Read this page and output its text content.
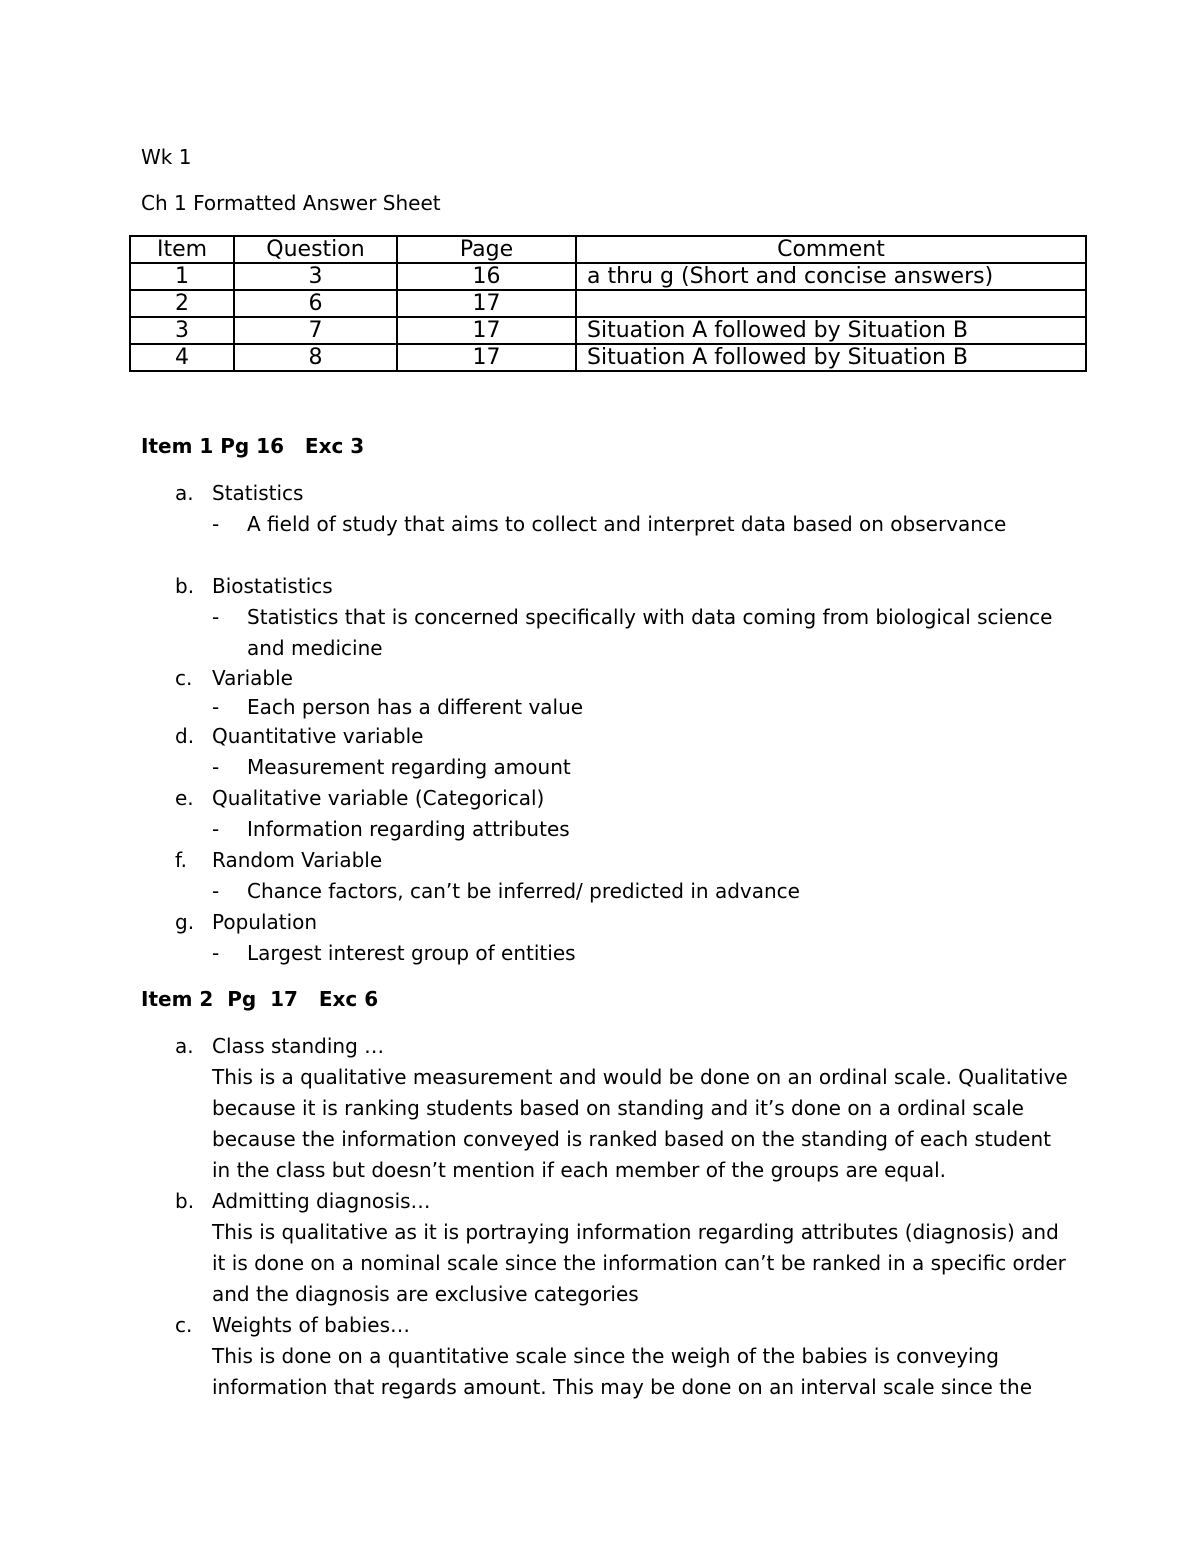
Wk 1
Ch 1 Formatted Answer Sheet
Item	Question	Page	Comment
1	3	16	a thru g (Short and concise answers)
2	6	17	
3	7	17	Situation A followed by Situation B
4	8	17	Situation A followed by Situation B
Item 1 Pg 16   Exc 3
a. Statistics
- A field of study that aims to collect and interpret data based on observance
b. Biostatistics
- Statistics that is concerned specifically with data coming from biological science and medicine
c. Variable
- Each person has a different value
d. Quantitative variable
- Measurement regarding amount
e. Qualitative variable (Categorical)
- Information regarding attributes
f. Random Variable
- Chance factors, can’t be inferred/ predicted in advance
g. Population
- Largest interest group of entities
Item 2  Pg  17   Exc 6
a. Class standing …
This is a qualitative measurement and would be done on an ordinal scale. Qualitative because it is ranking students based on standing and it’s done on a ordinal scale because the information conveyed is ranked based on the standing of each student in the class but doesn’t mention if each member of the groups are equal.
b. Admitting diagnosis…
This is qualitative as it is portraying information regarding attributes (diagnosis) and it is done on a nominal scale since the information can’t be ranked in a specific order and the diagnosis are exclusive categories
c. Weights of babies…
This is done on a quantitative scale since the weigh of the babies is conveying information that regards amount. This may be done on an interval scale since the
